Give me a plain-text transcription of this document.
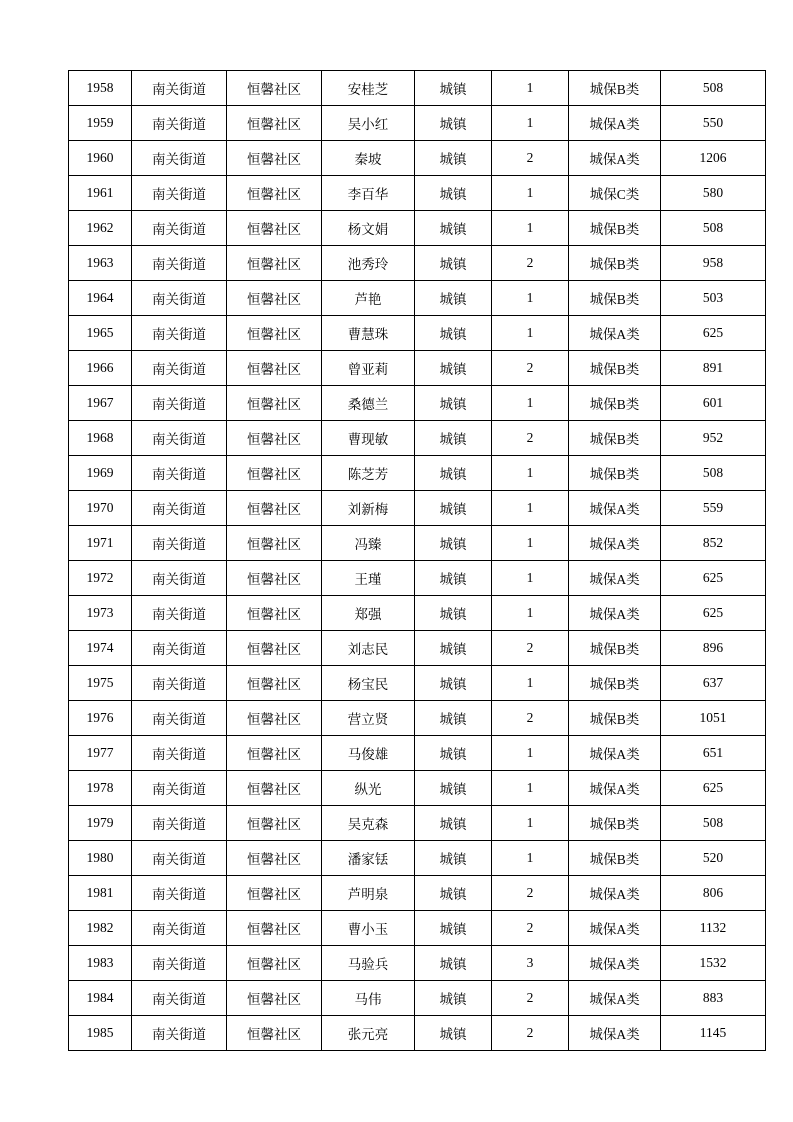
1958	南关街道	恒馨社区	安桂芝	城镇	1	城保B类	508
1959	南关街道	恒馨社区	吴小红	城镇	1	城保A类	550
1960	南关街道	恒馨社区	秦坡	城镇	2	城保A类	1206
1961	南关街道	恒馨社区	李百华	城镇	1	城保C类	580
1962	南关街道	恒馨社区	杨文娟	城镇	1	城保B类	508
1963	南关街道	恒馨社区	池秀玲	城镇	2	城保B类	958
1964	南关街道	恒馨社区	芦艳	城镇	1	城保B类	503
1965	南关街道	恒馨社区	曹慧珠	城镇	1	城保A类	625
1966	南关街道	恒馨社区	曾亚莉	城镇	2	城保B类	891
1967	南关街道	恒馨社区	桑德兰	城镇	1	城保B类	601
1968	南关街道	恒馨社区	曹现敏	城镇	2	城保B类	952
1969	南关街道	恒馨社区	陈芝芳	城镇	1	城保B类	508
1970	南关街道	恒馨社区	刘新梅	城镇	1	城保A类	559
1971	南关街道	恒馨社区	冯臻	城镇	1	城保A类	852
1972	南关街道	恒馨社区	王瑾	城镇	1	城保A类	625
1973	南关街道	恒馨社区	郑强	城镇	1	城保A类	625
1974	南关街道	恒馨社区	刘志民	城镇	2	城保B类	896
1975	南关街道	恒馨社区	杨宝民	城镇	1	城保B类	637
1976	南关街道	恒馨社区	营立贤	城镇	2	城保B类	1051
1977	南关街道	恒馨社区	马俊雄	城镇	1	城保A类	651
1978	南关街道	恒馨社区	纵光	城镇	1	城保A类	625
1979	南关街道	恒馨社区	吴克森	城镇	1	城保B类	508
1980	南关街道	恒馨社区	潘家铥	城镇	1	城保B类	520
1981	南关街道	恒馨社区	芦明泉	城镇	2	城保A类	806
1982	南关街道	恒馨社区	曹小玉	城镇	2	城保A类	1132
1983	南关街道	恒馨社区	马验兵	城镇	3	城保A类	1532
1984	南关街道	恒馨社区	马伟	城镇	2	城保A类	883
1985	南关街道	恒馨社区	张元亮	城镇	2	城保A类	1145
